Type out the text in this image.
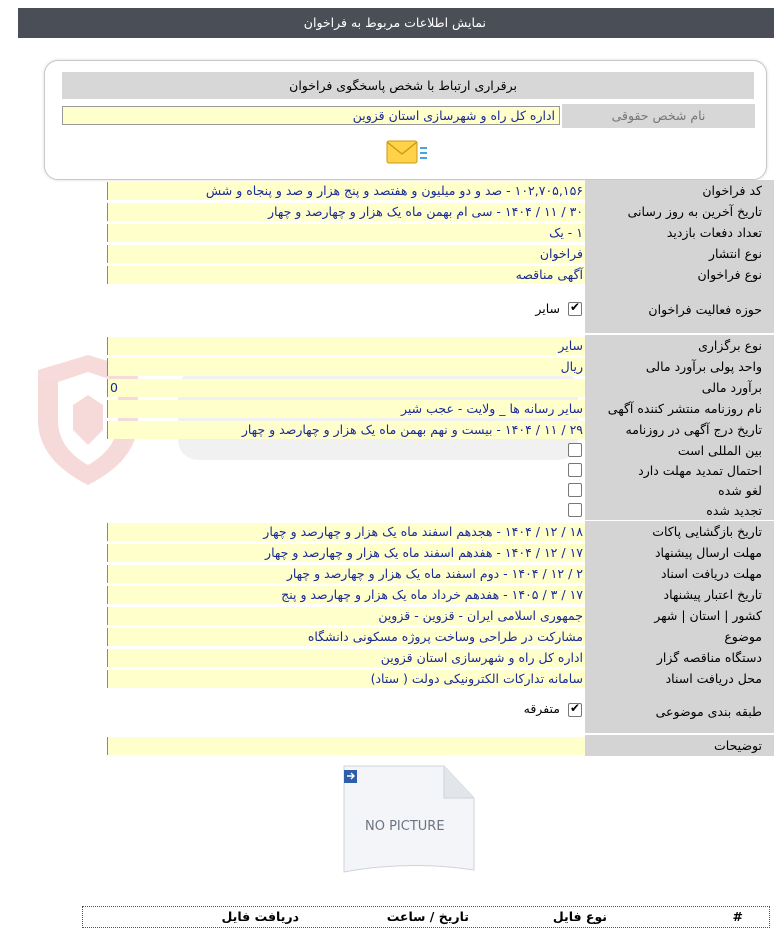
نمایش اطلاعات مربوط به فراخوان
برقراری ارتباط با شخص پاسخگوی فراخوان
نام شخص حقوقی
اداره کل راه و شهرسازی استان قزوین
کد فراخوان
۱۰۲,۷۰۵,۱۵۶ - صد و دو میلیون و هفتصد و پنج هزار و صد و پنجاه و شش
تاریخ آخرین به روز رسانی
۳۰ / ۱۱ / ۱۴۰۴ - سی ام بهمن ماه یک هزار و چهارصد و چهار
تعداد دفعات بازدید
۱ - یک
نوع انتشار
فراخوان
نوع فراخوان
آگهی مناقصه
حوزه فعالیت فراخوان
✔
سایر
نوع برگزاری
سایر
واحد پولی برآورد مالی
ریال
برآورد مالی
0
نام روزنامه منتشر کننده آگهی
سایر رسانه ها _ ولایت - عجب شیر
تاریخ درج آگهی در روزنامه
۲۹ / ۱۱ / ۱۴۰۴ - بیست و نهم بهمن ماه یک هزار و چهارصد و چهار
بین المللی است
احتمال تمدید مهلت دارد
لغو شده
تجدید شده
تاریخ بازگشایی پاکات
۱۸ / ۱۲ / ۱۴۰۴ - هجدهم اسفند ماه یک هزار و چهارصد و چهار
مهلت ارسال پیشنهاد
۱۷ / ۱۲ / ۱۴۰۴ - هفدهم اسفند ماه یک هزار و چهارصد و چهار
مهلت دریافت اسناد
۲ / ۱۲ / ۱۴۰۴ - دوم اسفند ماه یک هزار و چهارصد و چهار
تاریخ اعتبار پیشنهاد
۱۷ / ۳ / ۱۴۰۵ - هفدهم خرداد ماه یک هزار و چهارصد و پنج
کشور | استان | شهر
جمهوری اسلامی ایران - قزوین - قزوین
موضوع
مشارکت در طراحی وساخت پروژه مسکونی دانشگاه
دستگاه مناقصه گزار
اداره کل راه و شهرسازی استان قزوین
محل دریافت اسناد
سامانه تدارکات الکترونیکی دولت ( ستاد)
طبقه بندی موضوعی
✔
متفرقه
توضیحات
NO PICTURE
#
نوع فایل
تاریخ / ساعت
دریافت فایل
